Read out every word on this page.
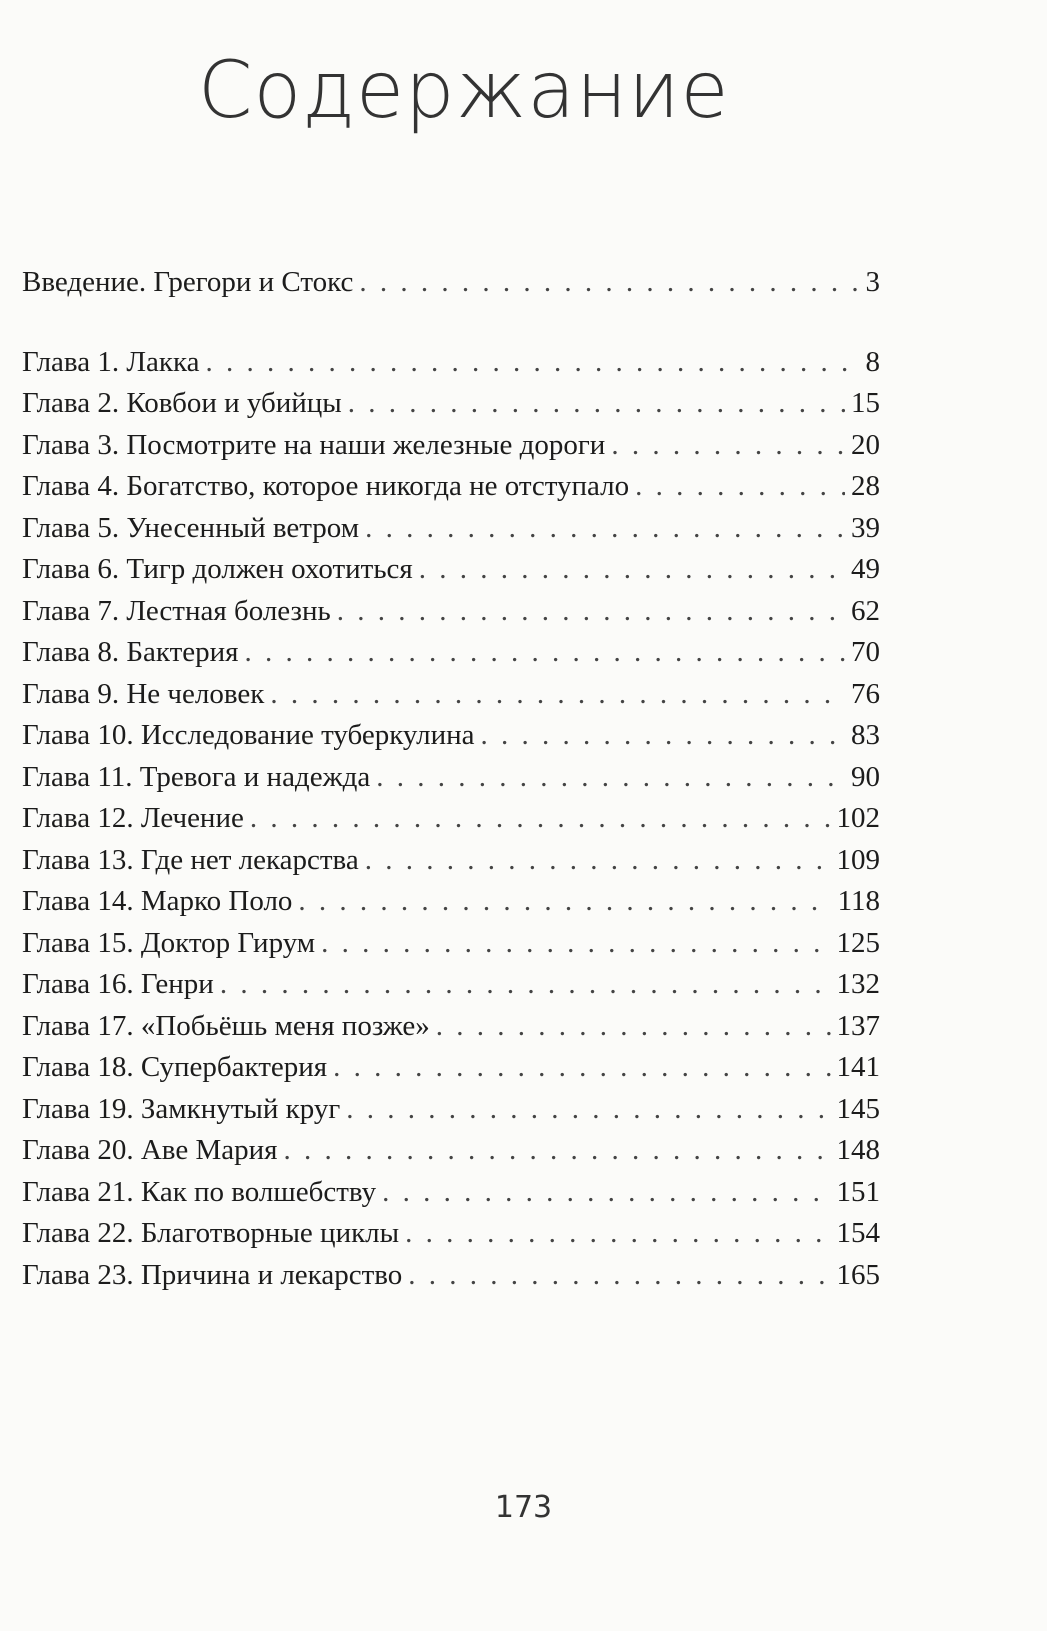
Содержание
Введение. Грегори и Стокс . . .	3
Глава 1. Лакка . . .	8
Глава 2. Ковбои и убийцы . . .	15
Глава 3. Посмотрите на наши железные дороги . . .	20
Глава 4. Богатство, которое никогда не отступало . . .	28
Глава 5. Унесенный ветром . . .	39
Глава 6. Тигр должен охотиться . . .	49
Глава 7. Лестная болезнь . . .	62
Глава 8. Бактерия . . .	70
Глава 9. Не человек . . .	76
Глава 10. Исследование туберкулина . . .	83
Глава 11. Тревога и надежда . . .	90
Глава 12. Лечение . . .	102
Глава 13. Где нет лекарства . . .	109
Глава 14. Марко Поло . . .	118
Глава 15. Доктор Гирум . . .	125
Глава 16. Генри . . .	132
Глава 17. «Побьёшь меня позже» . . .	137
Глава 18. Супербактерия . . .	141
Глава 19. Замкнутый круг . . .	145
Глава 20. Аве Мария . . .	148
Глава 21. Как по волшебству . . .	151
Глава 22. Благотворные циклы . . .	154
Глава 23. Причина и лекарство . . .	165
173
